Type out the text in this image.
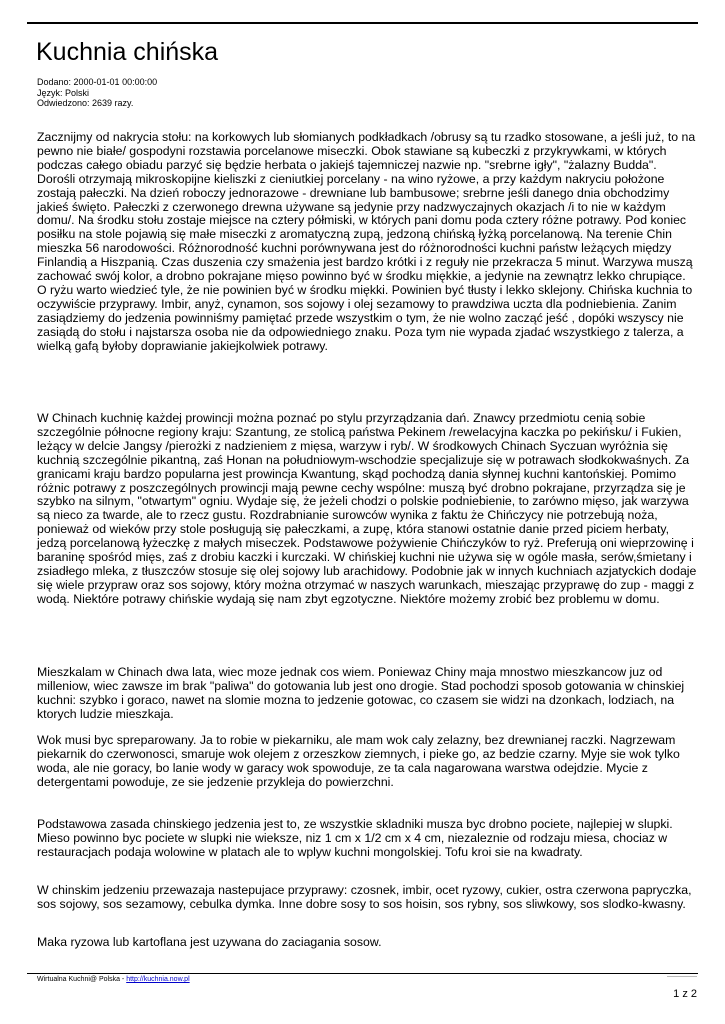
Kuchnia chińska
Dodano: 2000-01-01 00:00:00
Język: Polski
Odwiedzono: 2639 razy.

Zacznijmy od nakrycia stołu: na korkowych lub słomianych podkładkach /obrusy są tu rzadko stosowane, a jeśli już, to na pewno nie białe/ gospodyni rozstawia porcelanowe miseczki. Obok stawiane są kubeczki z przykrywkami, w których podczas całego obiadu parzyć się będzie herbata o jakiejś tajemniczej nazwie np. "srebrne igły", "żalazny Budda". Dorośli otrzymają mikroskopijne kieliszki z cieniutkiej porcelany - na wino ryżowe, a przy każdym nakryciu położone zostają pałeczki. Na dzień roboczy jednorazowe - drewniane lub bambusowe; srebrne jeśli danego dnia obchodzimy jakieś święto. Pałeczki z czerwonego drewna używane są jedynie przy nadzwyczajnych okazjach /i to nie w każdym domu/. Na środku stołu zostaje miejsce na cztery półmiski, w których pani domu poda cztery różne potrawy. Pod koniec posiłku na stole pojawią się małe miseczki z aromatyczną zupą, jedzoną chińską łyżką porcelanową. Na terenie Chin mieszka 56 narodowości. Różnorodność kuchni porównywana jest do różnorodności kuchni państw leżących między Finlandią a Hiszpanią. Czas duszenia czy smażenia jest bardzo krótki i z reguły nie przekracza 5 minut. Warzywa muszą zachować swój kolor, a drobno pokrajane mięso powinno być w środku miękkie, a jedynie na zewnątrz lekko chrupiące. O ryżu warto wiedzieć tyle, że nie powinien być w środku miękki. Powinien być tłusty i lekko sklejony. Chińska kuchnia to oczywiście przyprawy. Imbir, anyż, cynamon, sos sojowy i olej sezamowy to prawdziwa uczta dla podniebienia. Zanim zasiądziemy do jedzenia powinniśmy pamiętać przede wszystkim o tym, że nie wolno zacząć jeść , dopóki wszyscy nie zasiądą do stołu i najstarsza osoba nie da odpowiedniego znaku. Poza tym nie wypada zjadać wszystkiego z talerza, a wielką gafą byłoby doprawianie jakiejkolwiek potrawy.

W Chinach kuchnię każdej prowincji można poznać po stylu przyrządzania dań. Znawcy przedmiotu cenią sobie szczególnie północne regiony kraju: Szantung, ze stolicą państwa Pekinem /rewelacyjna kaczka po pekińsku/ i Fukien, leżący w delcie Jangsy /pierożki z nadzieniem z mięsa, warzyw i ryb/. W środkowych Chinach Syczuan wyróżnia się kuchnią szczególnie pikantną, zaś Honan na południowym-wschodzie specjalizuje się w potrawach słodkokwaśnych. Za granicami kraju bardzo popularna jest prowincja Kwantung, skąd pochodzą dania słynnej kuchni kantońskiej. Pomimo różnic potrawy z poszczególnych prowincji mają pewne cechy wspólne: muszą być drobno pokrajane, przyrządza się je szybko na silnym, "otwartym" ogniu. Wydaje się, że jeżeli chodzi o polskie podniebienie, to zarówno mięso, jak warzywa są nieco za twarde, ale to rzecz gustu. Rozdrabnianie surowców wynika z faktu że Chińczycy nie potrzebują noża, ponieważ od wieków przy stole posługują się pałeczkami, a zupę, która stanowi ostatnie danie przed piciem herbaty, jedzą porcelanową łyżeczkę z małych miseczek. Podstawowe pożywienie Chińczyków to ryż. Preferują oni wieprzowinę i baraninę spośród mięs, zaś z drobiu kaczki i kurczaki. W chińskiej kuchni nie używa się w ogóle masła, serów,śmietany i zsiadłego mleka, z tłuszczów stosuje się olej sojowy lub arachidowy. Podobnie jak w innych kuchniach azjatyckich dodaje się wiele przypraw oraz sos sojowy, który można otrzymać w naszych warunkach, mieszając przyprawę do zup - maggi z wodą. Niektóre potrawy chińskie wydają się nam zbyt egzotyczne. Niektóre możemy zrobić bez problemu w domu.

Mieszkalam w Chinach dwa lata, wiec moze jednak cos wiem. Poniewaz Chiny maja mnostwo mieszkancow juz od milleniow, wiec zawsze im brak "paliwa" do gotowania lub jest ono drogie. Stad pochodzi sposob gotowania w chinskiej kuchni: szybko i goraco, nawet na slomie mozna to jedzenie gotowac, co czasem sie widzi na dzonkach, lodziach, na ktorych ludzie mieszkaja.

Wok musi byc spreparowany. Ja to robie w piekarniku, ale mam wok caly zelazny, bez drewnianej raczki. Nagrzewam piekarnik do czerwonosci, smaruje wok olejem z orzeszkow ziemnych, i pieke go, az bedzie czarny. Myje sie wok tylko woda, ale nie goracy, bo lanie wody w garacy wok spowoduje, ze ta cala nagarowana warstwa odejdzie. Mycie z detergentami powoduje, ze sie jedzenie przykleja do powierzchni.

Podstawowa zasada chinskiego jedzenia jest to, ze wszystkie skladniki musza byc drobno pociete, najlepiej w slupki. Mieso powinno byc pociete w slupki nie wieksze, niz 1 cm x 1/2 cm x 4 cm, niezaleznie od rodzaju miesa, chociaz w restauracjach podaja wolowine w platach ale to wplyw kuchni mongolskiej. Tofu kroi sie na kwadraty.

W chinskim jedzeniu przewazaja nastepujace przyprawy: czosnek, imbir, ocet ryzowy, cukier, ostra czerwona papryczka, sos sojowy, sos sezamowy, cebulka dymka. Inne dobre sosy to sos hoisin, sos rybny, sos sliwkowy, sos slodko-kwasny.

Maka ryzowa lub kartoflana jest uzywana do zaciagania sosow.

Wirtualna Kuchni@ Polska - http://kuchnia.now.pl
1 z 2
